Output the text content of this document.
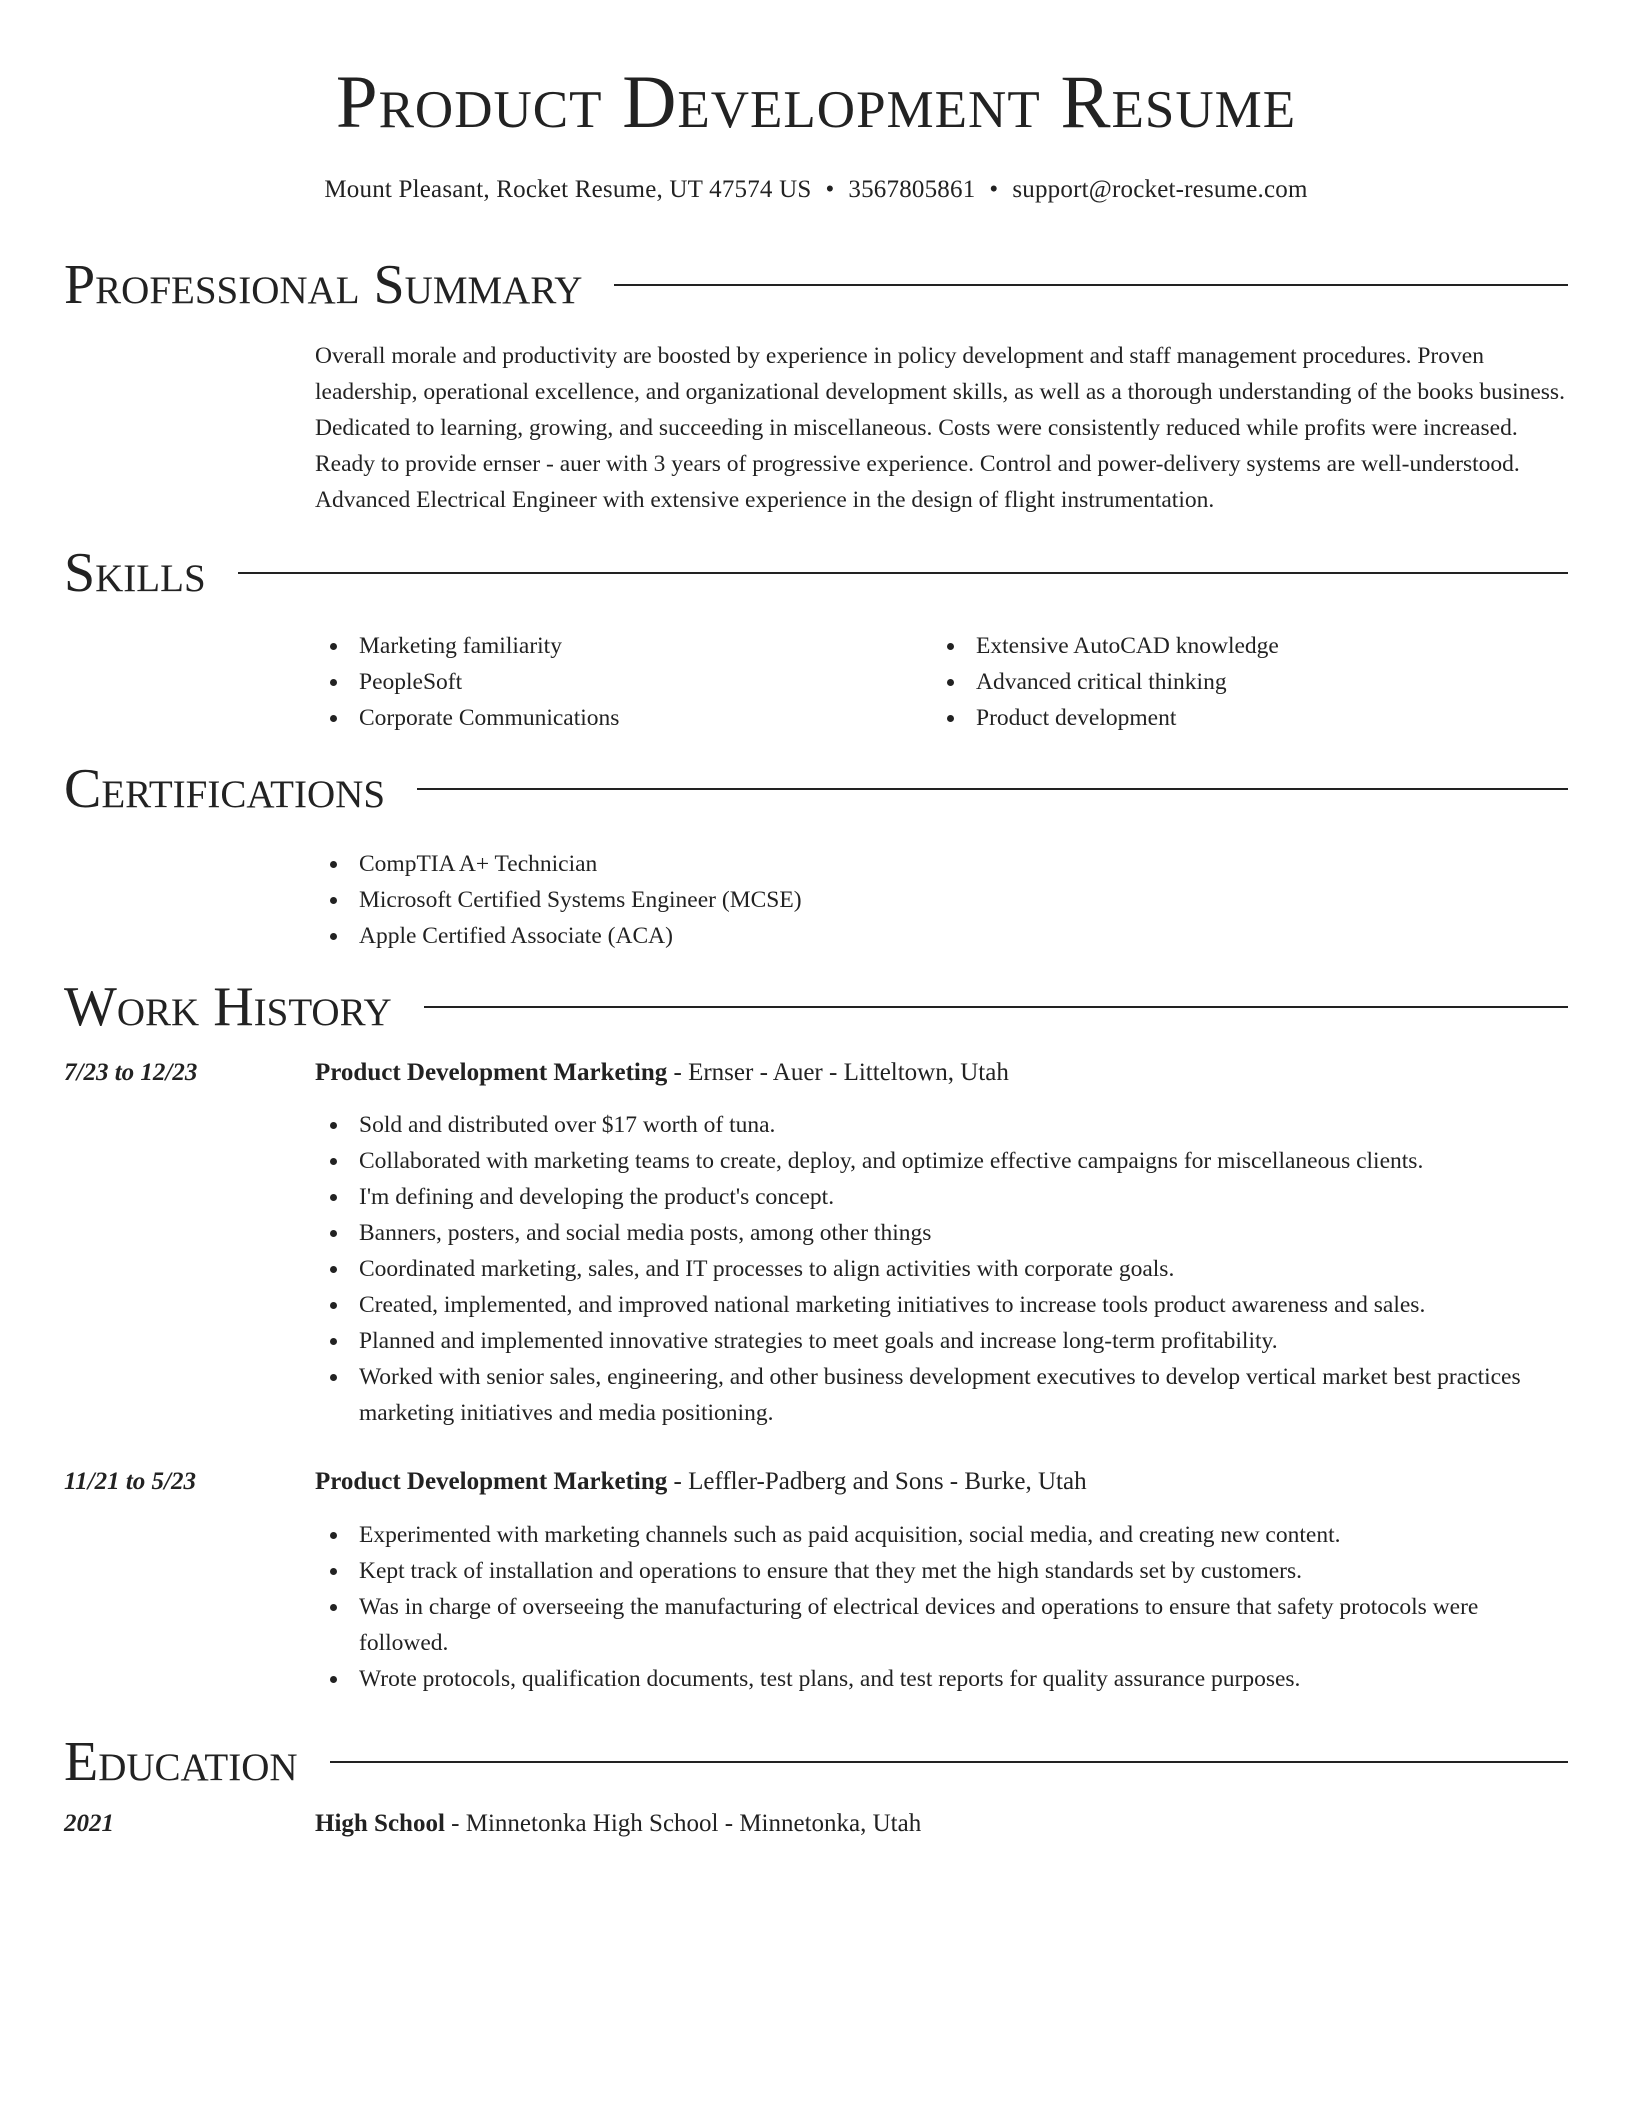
Product Development Resume
Mount Pleasant, Rocket Resume, UT 47574 US • 3567805861 • support@rocket-resume.com
Professional Summary

Overall morale and productivity are boosted by experience in policy development and staff management procedures. Proven leadership, operational excellence, and organizational development skills, as well as a thorough understanding of the books business. Dedicated to learning, growing, and succeeding in miscellaneous. Costs were consistently reduced while profits were increased. Ready to provide ernser - auer with 3 years of progressive experience. Control and power-delivery systems are well-understood. Advanced Electrical Engineer with extensive experience in the design of flight instrumentation.

Skills
Marketing familiarity
PeopleSoft
Corporate Communications
Extensive AutoCAD knowledge
Advanced critical thinking
Product development
Certifications
CompTIA A+ Technician
Microsoft Certified Systems Engineer (MCSE)
Apple Certified Associate (ACA)
Work History
7/23 to 12/23	Product Development Marketing - Ernser - Auer - Litteltown, Utah
Sold and distributed over $17 worth of tuna.
Collaborated with marketing teams to create, deploy, and optimize effective campaigns for miscellaneous clients.
I'm defining and developing the product's concept.
Banners, posters, and social media posts, among other things
Coordinated marketing, sales, and IT processes to align activities with corporate goals.
Created, implemented, and improved national marketing initiatives to increase tools product awareness and sales.
Planned and implemented innovative strategies to meet goals and increase long-term profitability.
Worked with senior sales, engineering, and other business development executives to develop vertical market best practices marketing initiatives and media positioning.
11/21 to 5/23	Product Development Marketing - Leffler-Padberg and Sons - Burke, Utah
Experimented with marketing channels such as paid acquisition, social media, and creating new content.
Kept track of installation and operations to ensure that they met the high standards set by customers.
Was in charge of overseeing the manufacturing of electrical devices and operations to ensure that safety protocols were followed.
Wrote protocols, qualification documents, test plans, and test reports for quality assurance purposes.
Education
2021	High School - Minnetonka High School - Minnetonka, Utah
